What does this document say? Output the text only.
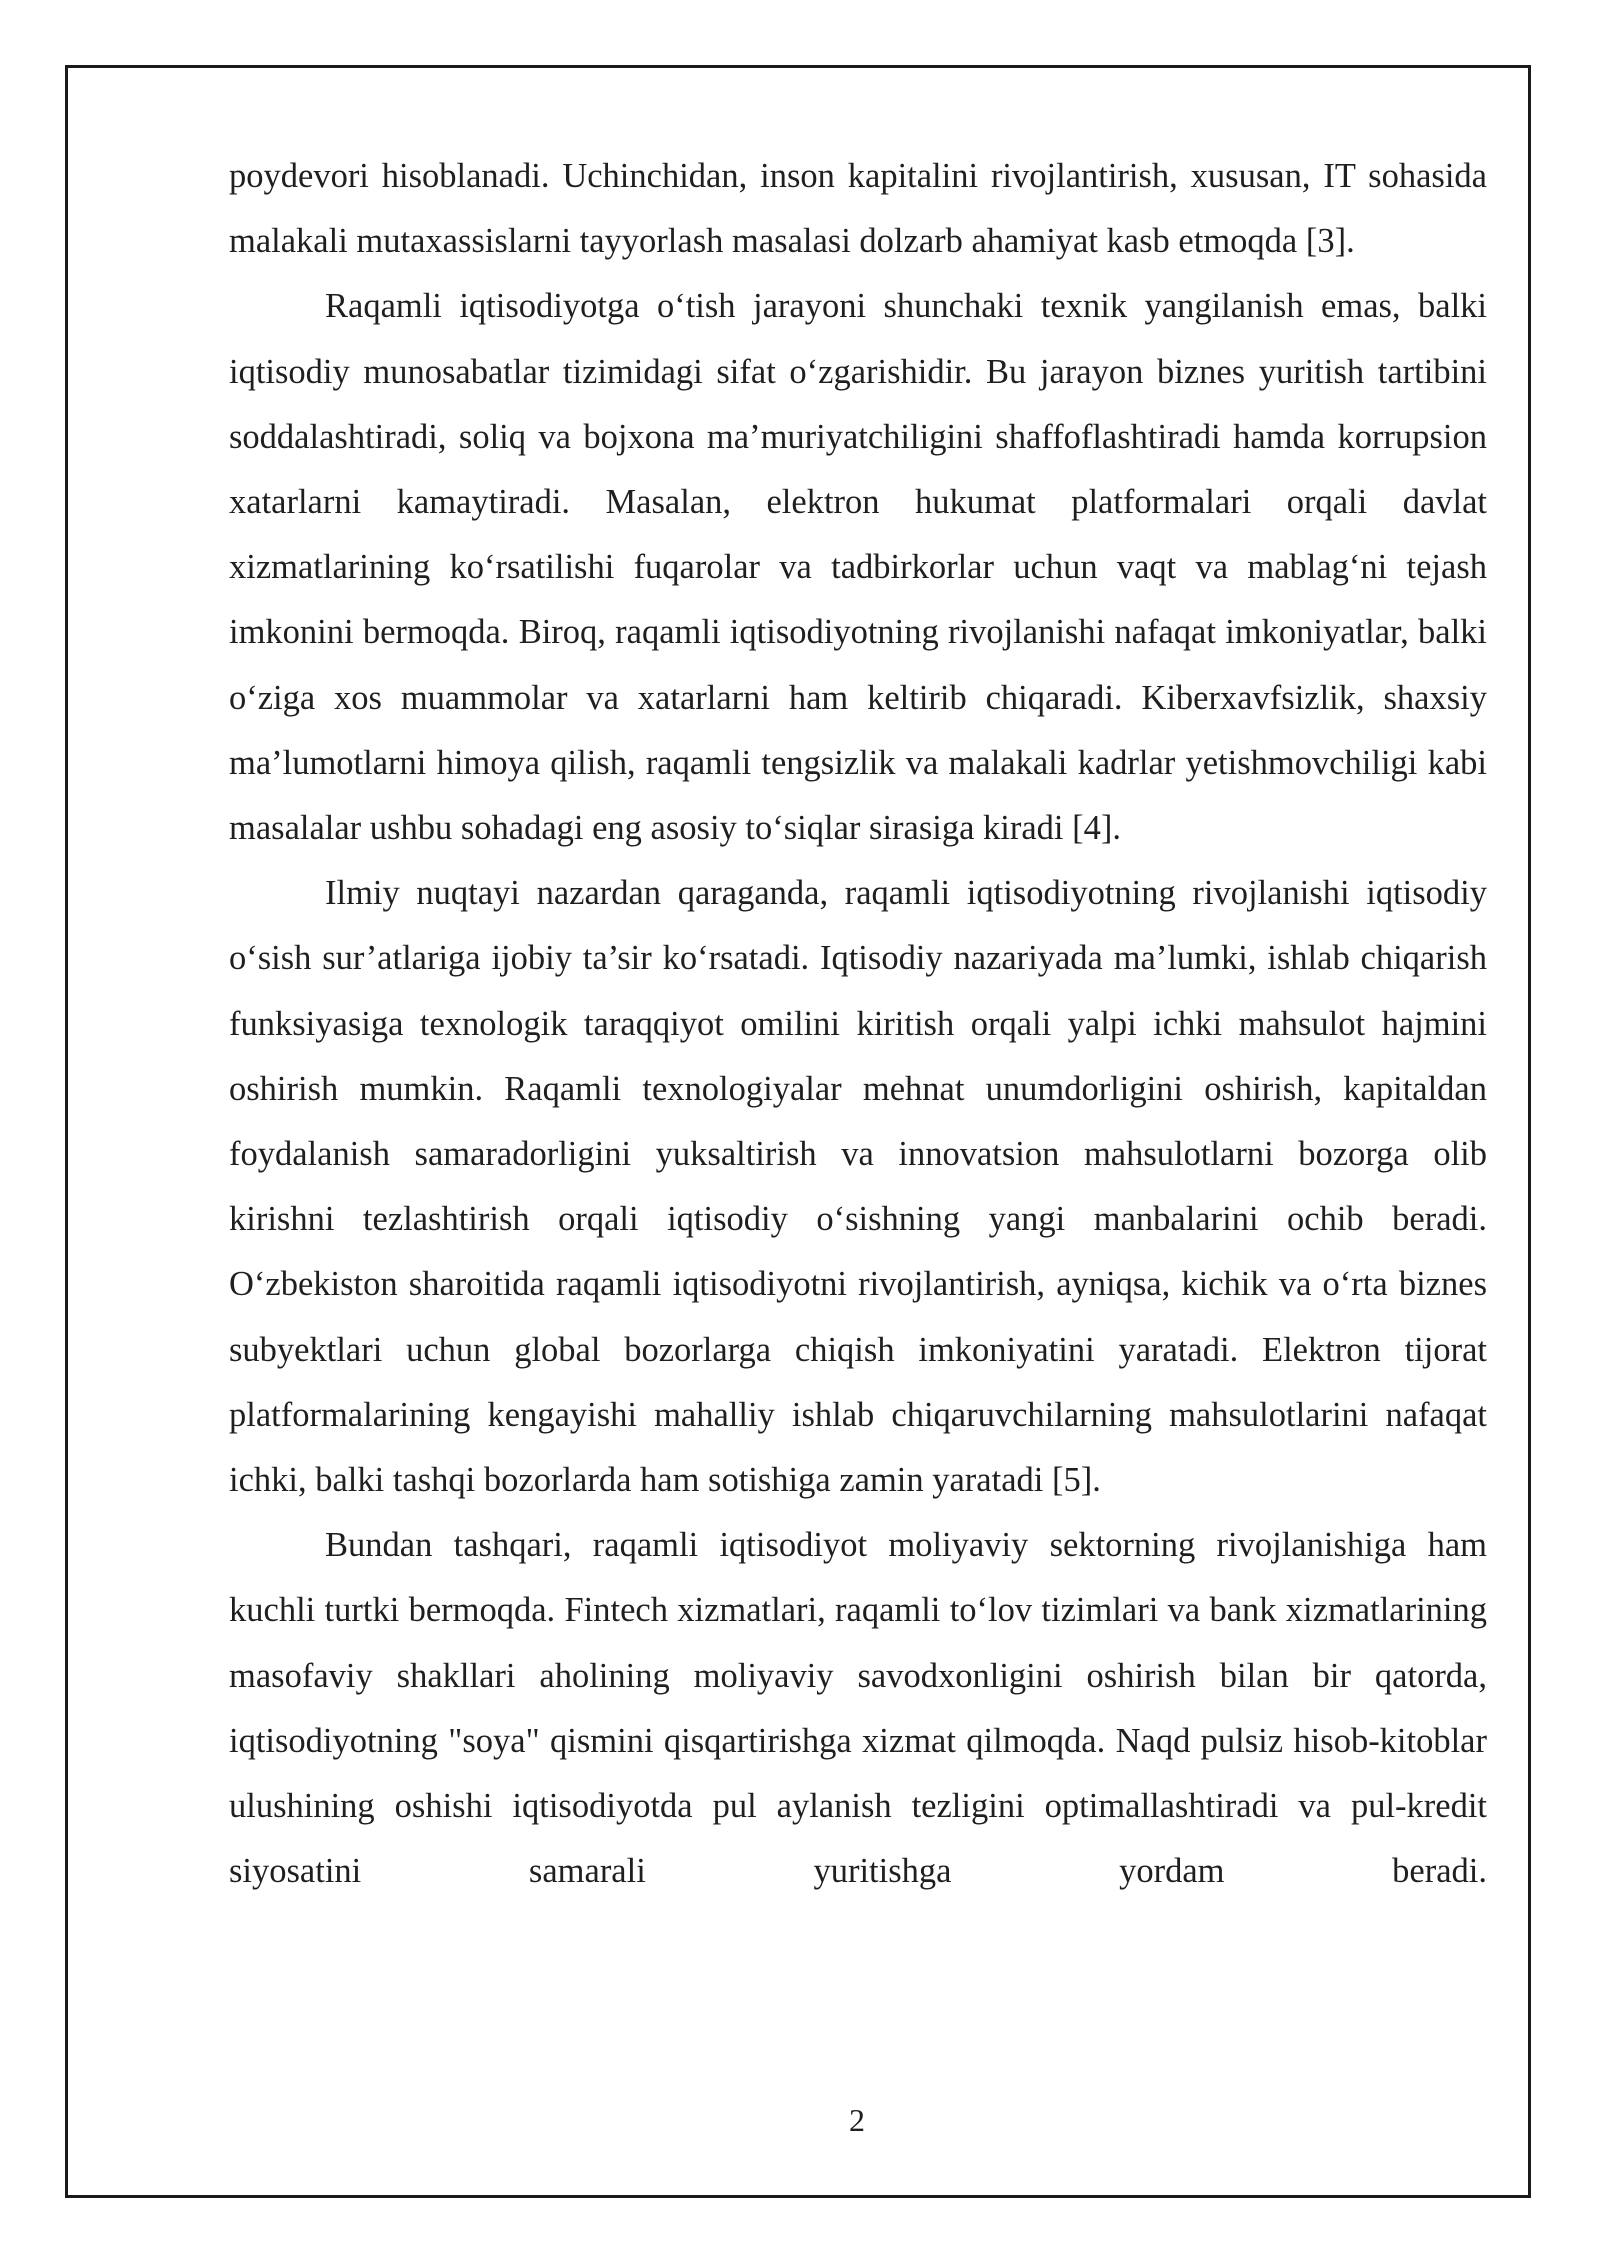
poydevori hisoblanadi. Uchinchidan, inson kapitalini rivojlantirish, xususan, IT sohasida malakali mutaxassislarni tayyorlash masalasi dolzarb ahamiyat kasb etmoqda [3].

Raqamli iqtisodiyotga o‘tish jarayoni shunchaki texnik yangilanish emas, balki iqtisodiy munosabatlar tizimidagi sifat o‘zgarishidir. Bu jarayon biznes yuritish tartibini soddalashtiradi, soliq va bojxona ma’muriyatchiligini shaffoflashtiradi hamda korrupsion xatarlarni kamaytiradi. Masalan, elektron hukumat platformalari orqali davlat xizmatlarining ko‘rsatilishi fuqarolar va tadbirkorlar uchun vaqt va mablag‘ni tejash imkonini bermoqda. Biroq, raqamli iqtisodiyotning rivojlanishi nafaqat imkoniyatlar, balki o‘ziga xos muammolar va xatarlarni ham keltirib chiqaradi. Kiberxavfsizlik, shaxsiy ma’lumotlarni himoya qilish, raqamli tengsizlik va malakali kadrlar yetishmovchiligi kabi masalalar ushbu sohadagi eng asosiy to‘siqlar sirasiga kiradi [4].

Ilmiy nuqtayi nazardan qaraganda, raqamli iqtisodiyotning rivojlanishi iqtisodiy o‘sish sur’atlariga ijobiy ta’sir ko‘rsatadi. Iqtisodiy nazariyada ma’lumki, ishlab chiqarish funksiyasiga texnologik taraqqiyot omilini kiritish orqali yalpi ichki mahsulot hajmini oshirish mumkin. Raqamli texnologiyalar mehnat unumdorligini oshirish, kapitaldan foydalanish samaradorligini yuksaltirish va innovatsion mahsulotlarni bozorga olib kirishni tezlashtirish orqali iqtisodiy o‘sishning yangi manbalarini ochib beradi. O‘zbekiston sharoitida raqamli iqtisodiyotni rivojlantirish, ayniqsa, kichik va o‘rta biznes subyektlari uchun global bozorlarga chiqish imkoniyatini yaratadi. Elektron tijorat platformalarining kengayishi mahalliy ishlab chiqaruvchilarning mahsulotlarini nafaqat ichki, balki tashqi bozorlarda ham sotishiga zamin yaratadi [5].

Bundan tashqari, raqamli iqtisodiyot moliyaviy sektorning rivojlanishiga ham kuchli turtki bermoqda. Fintech xizmatlari, raqamli to‘lov tizimlari va bank xizmatlarining masofaviy shakllari aholining moliyaviy savodxonligini oshirish bilan bir qatorda, iqtisodiyotning "soya" qismini qisqartirishga xizmat qilmoqda. Naqd pulsiz hisob-kitoblar ulushining oshishi iqtisodiyotda pul aylanish tezligini optimallashtiradi va pul-kredit siyosatini samarali yuritishga yordam beradi.

2
